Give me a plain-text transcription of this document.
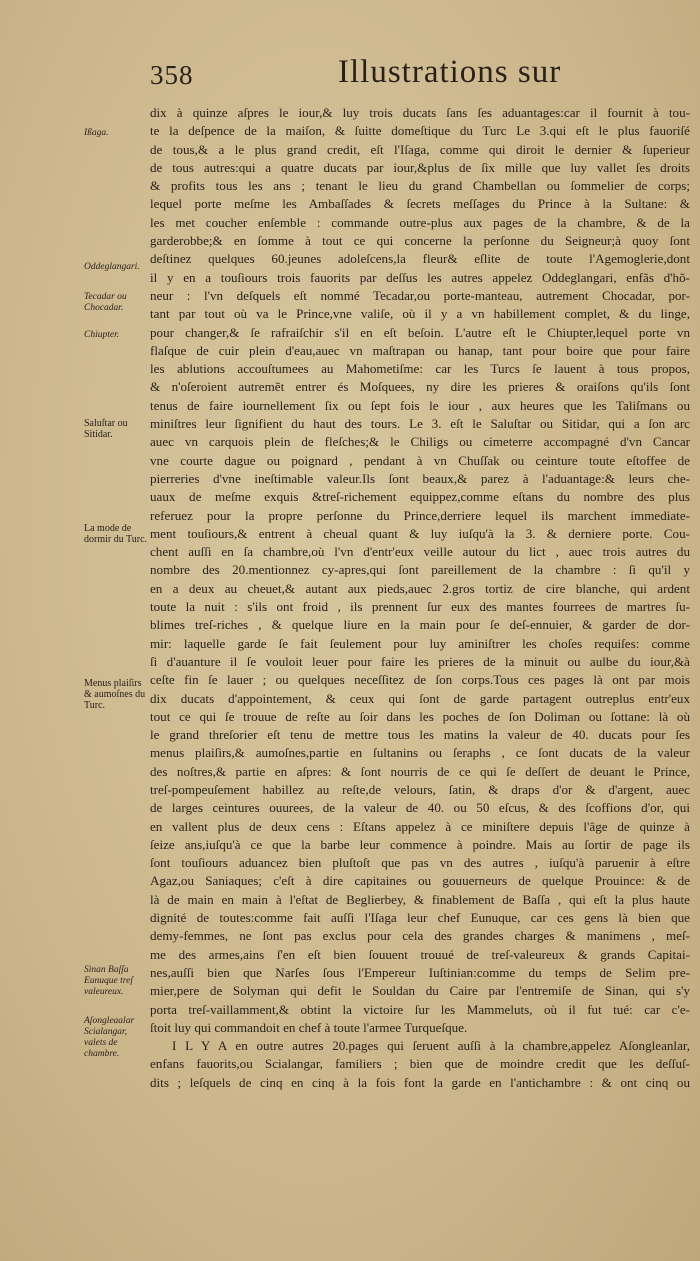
358	Illustrations sur
Ißaga.
Oddeglangari.
Tecadar ou Chocadar.
Chiupter.
Saluſtar ou Sitidar.
La mode de dormir du Turc.
Menus plaiſirs & aumoſnes du Turc.
Sinan Baſſa Eunuque treſ valeureux.
Aſongleaalar Scialangar, valets de chambre.
dix à quinze aſpres le iour,& luy trois ducats ſans ſes aduantages:car il fournit à tou-
te la deſpence de la maiſon, & ſuitte domeſtique du Turc Le 3.qui eſt le plus fauoriſé
de tous,& a le plus grand credit, eſt l'Iſaga, comme qui diroit le dernier & ſuperieur
de tous autres:qui a quatre ducats par iour,&plus de ſix mille que luy vallet ſes droits
& profits tous les ans ; tenant le lieu du grand Chambellan ou ſommelier de corps;
lequel porte meſme les Ambaſſades & ſecrets meſſages du Prince à la Sultane: &
les met coucher enſemble : commande outre-plus aux pages de la chambre, & de la
garderobbe;& en ſomme à tout ce qui concerne la perſonne du Seigneur;à quoy ſont
deſtinez quelques 60.jeunes adoleſcens,la fleur& eſlite de toute l'Agemoglerie,dont
il y en a touſiours trois fauorits par deſſus les autres appelez Oddeglangari, enfãs d'hõ-
neur : l'vn deſquels eſt nommé Tecadar,ou porte-manteau, autrement Chocadar, por-
tant par tout où va le Prince,vne valiſe, où il y a vn habillement complet, & du linge,
pour changer,& ſe rafraiſchir s'il en eſt beſoin. L'autre eſt le Chiupter,lequel porte vn
flaſque de cuir plein d'eau,auec vn maſtrapan ou hanap, tant pour boire que pour faire
les ablutions accouſtumees au Mahometiſme: car les Turcs ſe lauent à tous propos,
& n'oſeroient autremẽt entrer és Moſquees, ny dire les prieres & oraiſons qu'ils ſont
tenus de faire iournellement ſix ou ſept fois le iour , aux heures que les Taliſmans ou
miniſtres leur ſignifient du haut des tours. Le 3. eſt le Saluſtar ou Sitidar, qui a ſon arc
auec vn carquois plein de fleſches;& le Chiligs ou cimeterre accompagné d'vn Cancar
vne courte dague ou poignard , pendant à vn Chuſſak ou ceinture toute eſtoffee de
pierreries d'vne ineſtimable valeur.Ils ſont beaux,& parez à l'aduantage:& leurs che-
uaux de meſme exquis &treſ-richement equippez,comme eſtans du nombre des plus
referuez pour la propre perſonne du Prince,derriere lequel ils marchent immediate-
ment touſiours,& entrent à cheual quant & luy iuſqu'à la 3. & derniere porte. Cou-
chent auſſi en ſa chambre,où l'vn d'entr'eux veille autour du lict , auec trois autres du
nombre des 20.mentionnez cy-apres,qui ſont pareillement de la chambre : ſi qu'il y
en a deux au cheuet,& autant aux pieds,auec 2.gros tortiz de cire blanche, qui ardent
toute la nuit : s'ils ont froid , ils prennent ſur eux des mantes fourrees de martres ſu-
blimes treſ-riches , & quelque liure en la main pour ſe deſ-ennuier, & garder de dor-
mir: laquelle garde ſe fait ſeulement pour luy aminiſtrer les choſes requiſes: comme
ſi d'auanture il ſe vouloit leuer pour faire les prieres de la minuit ou aulbe du iour,&à
ceſte fin ſe lauer ; ou quelques neceſſitez de ſon corps.Tous ces pages là ont par mois
dix ducats d'appointement, & ceux qui ſont de garde partagent outreplus entr'eux
tout ce qui ſe trouue de reſte au ſoir dans les poches de ſon Doliman ou ſottane: là où
le grand threſorier eſt tenu de mettre tous les matins la valeur de 40. ducats pour ſes
menus plaiſirs,& aumoſnes,partie en ſultanins ou ſeraphs , ce ſont ducats de la valeur
des noſtres,& partie en aſpres: & ſont nourris de ce qui ſe deſſert de deuant le Prince,
treſ-pompeuſement habillez au reſte,de velours, ſatin, & draps d'or & d'argent, auec
de larges ceintures ouurees, de la valeur de 40. ou 50 eſcus, & des ſcoffions d'or, qui
en vallent plus de deux cens : Eſtans appelez à ce miniſtere depuis l'âge de quinze à
ſeize ans,iuſqu'à ce que la barbe leur commence à poindre. Mais au ſortir de page ils
ſont touſiours aduancez bien pluſtoſt que pas vn des autres , iuſqu'à paruenir à eſtre
Agaz,ou Saniaques; c'eſt à dire capitaines ou gouuerneurs de quelque Prouince: & de
là de main en main à l'eſtat de Beglierbey, & finablement de Baſſa , qui eſt la plus haute
dignité de toutes:comme fait auſſi l'Iſaga leur chef Eunuque, car ces gens là bien que
demy-femmes, ne ſont pas exclus pour cela des grandes charges & manimens , meſ-
me des armes,ains ſ'en eſt bien ſouuent trouué de treſ-valeureux & grands Capitai-
nes,auſſi bien que Narſes ſous l'Empereur Iuſtinian:comme du temps de Selim pre-
mier,pere de Solyman qui defit le Souldan du Caire par l'entremiſe de Sinan, qui s'y
porta treſ-vaillamment,& obtint la victoire ſur les Mammeluts, où il fut tué: car c'e-
ſtoit luy qui commandoit en chef à toute l'armee Turqueſque.
I L Y A en outre autres 20.pages qui ſeruent auſſi à la chambre,appelez Aſongleanlar,
enfans fauorits,ou Scialangar, familiers ; bien que de moindre credit que les deſſuſ-
dits ; leſquels de cinq en cinq à la fois font la garde en l'antichambre : & ont cinq ou
